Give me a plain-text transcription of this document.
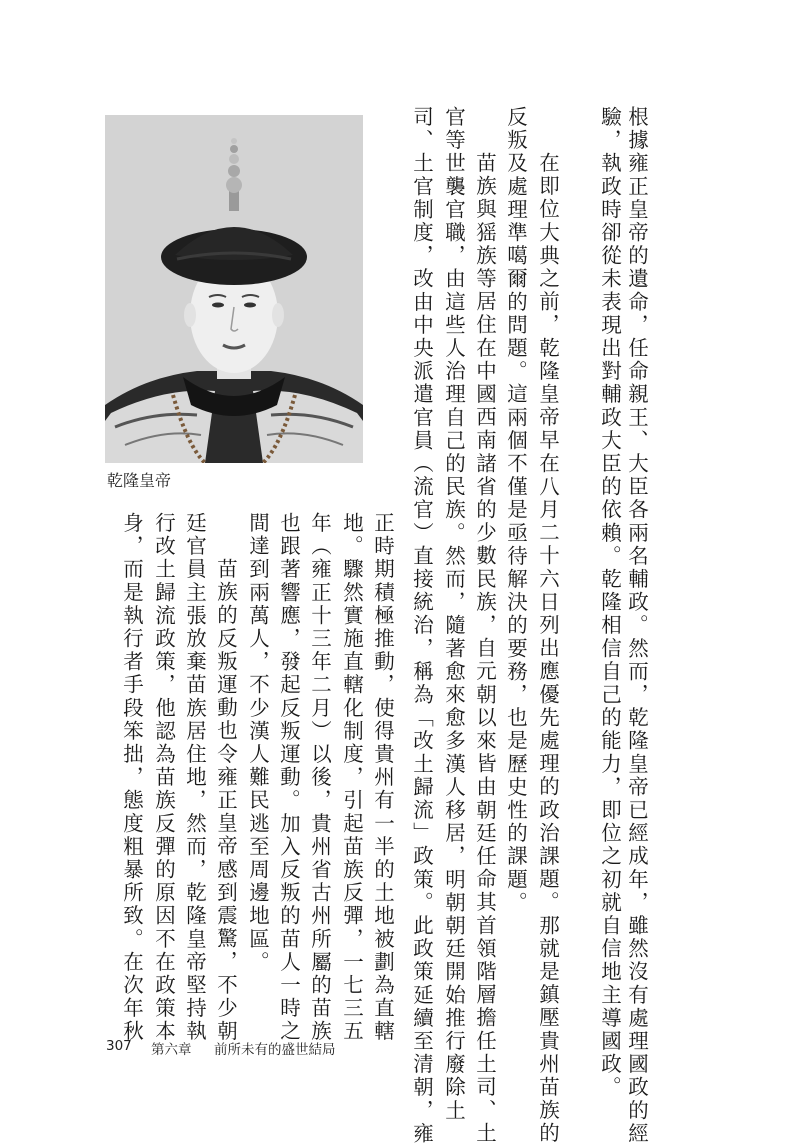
根據雍正皇帝的遺命，任命親王、大臣各兩名輔政。然而，乾隆皇帝已經成年，雖然沒有處理國政的經
驗，執政時卻從未表現出對輔政大臣的依賴。乾隆相信自己的能力，即位之初就自信地主導國政。
在即位大典之前，乾隆皇帝早在八月二十六日列出應優先處理的政治課題。那就是鎮壓貴州苗族的
反叛及處理準噶爾的問題。這兩個不僅是亟待解決的要務，也是歷史性的課題。
苗族與猺族等居住在中國西南諸省的少數民族，自元朝以來皆由朝廷任命其首領階層擔任土司、土
官等世襲官職，由這些人治理自己的民族。然而，隨著愈來愈多漢人移居，明朝朝廷開始推行廢除土
司、土官制度，改由中央派遣官員（流官）直接統治，稱為「改土歸流」政策。此政策延續至清朝，雍
正時期積極推動，使得貴州有一半的土地被劃為直轄
地。驟然實施直轄化制度，引起苗族反彈，一七三五
年（雍正十三年二月）以後，貴州省古州所屬的苗族
也跟著響應，發起反叛運動。加入反叛的苗人一時之
間達到兩萬人，不少漢人難民逃至周邊地區。
苗族的反叛運動也令雍正皇帝感到震驚，不少朝
廷官員主張放棄苗族居住地，然而，乾隆皇帝堅持執
行改土歸流政策，他認為苗族反彈的原因不在政策本
身，而是執行者手段笨拙，態度粗暴所致。在次年秋
乾隆皇帝
307 第六章 前所未有的盛世結局
